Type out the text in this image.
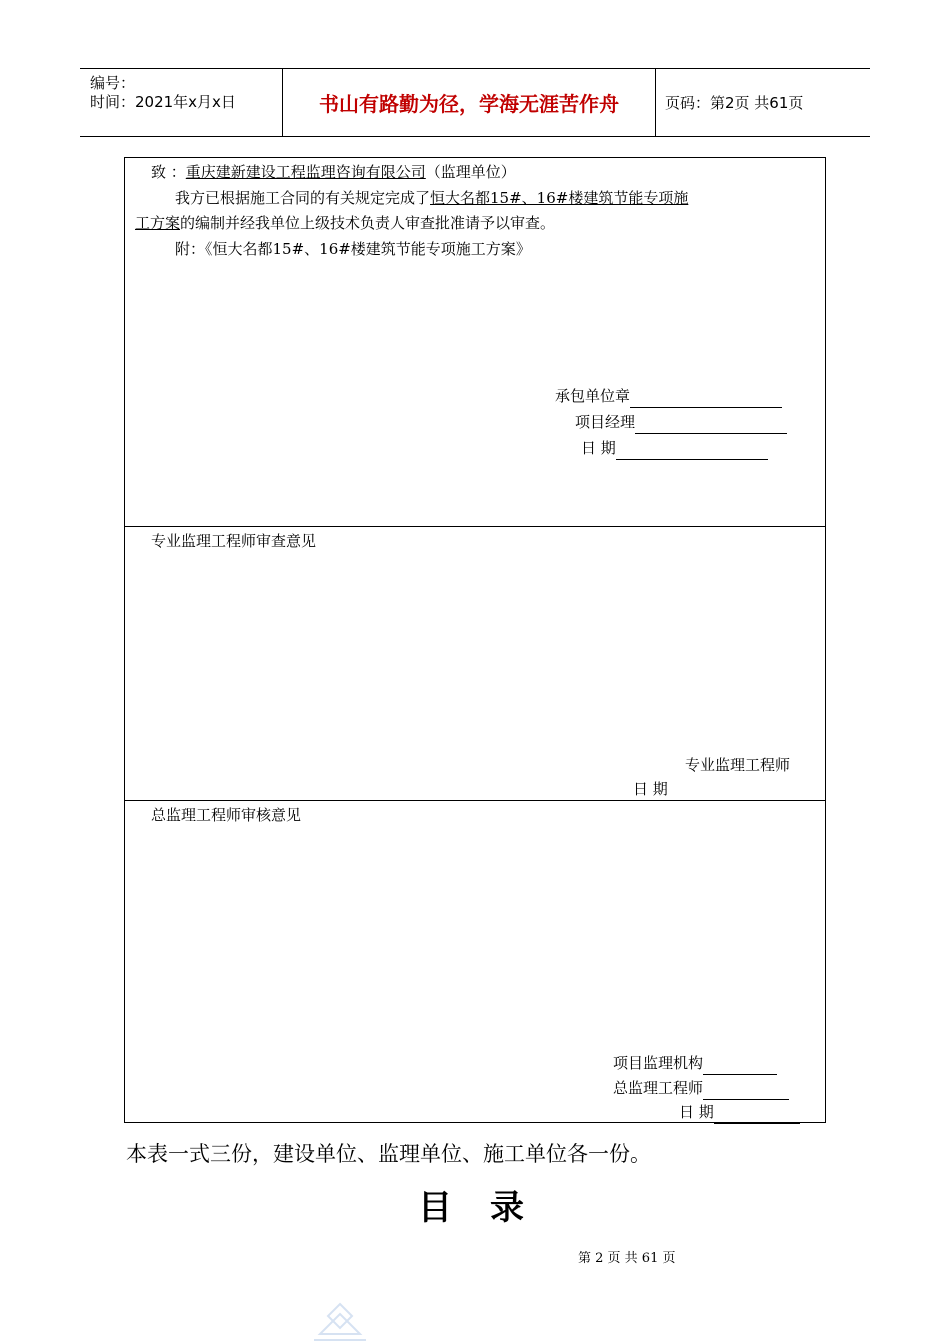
编号：
时间：2021年x月x日	书山有路勤为径，学海无涯苦作舟	页码：第2页 共61页
致 ：重庆建新建设工程监理咨询有限公司（监理单位）
我方已根据施工合同的有关规定完成了恒大名都15#、16#楼建筑节能专项施
工方案的编制并经我单位上级技术负责人审查批准请予以审查。
附：《恒大名都15#、16#楼建筑节能专项施工方案》
承包单位章
项目经理
日 期
专业监理工程师审查意见
专业监理工程师
日 期
总监理工程师审核意见
项目监理机构
总监理工程师
日 期
本表一式三份，建设单位、监理单位、施工单位各一份。
目录
第 2 页 共 61 页
